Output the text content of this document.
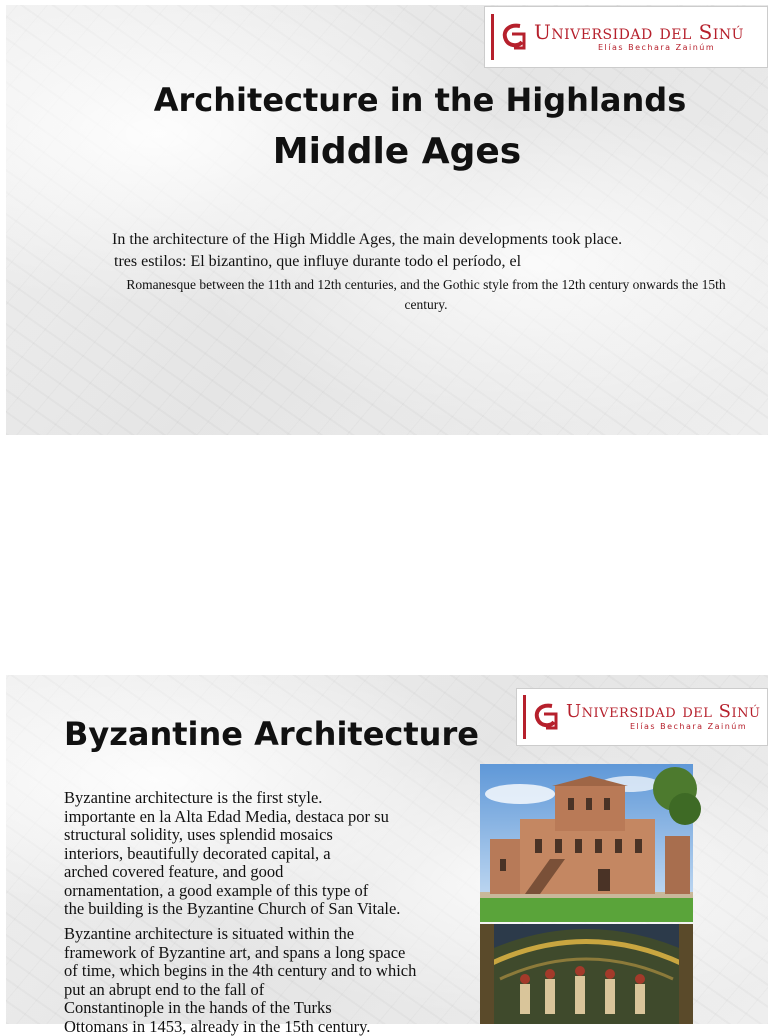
Universidad del Sinú
Elías Bechara Zainúm
Architecture in the Highlands
Middle Ages
In the architecture of the High Middle Ages, the main developments took place.
tres estilos: El bizantino, que influye durante todo el período, el
Romanesque between the 11th and 12th centuries, and the Gothic style from the 12th century onwards the 15th century.
Universidad del Sinú
Elías Bechara Zainúm
Byzantine Architecture
Byzantine architecture is the first style.
importante en la Alta Edad Media, destaca por su
structural solidity, uses splendid mosaics
interiors, beautifully decorated capital, a
arched covered feature, and good
ornamentation, a good example of this type of
the building is the Byzantine Church of San Vitale.
Byzantine architecture is situated within the
framework of Byzantine art, and spans a long space
of time, which begins in the 4th century and to which
put an abrupt end to the fall of
Constantinople in the hands of the Turks
Ottomans in 1453, already in the 15th century.
